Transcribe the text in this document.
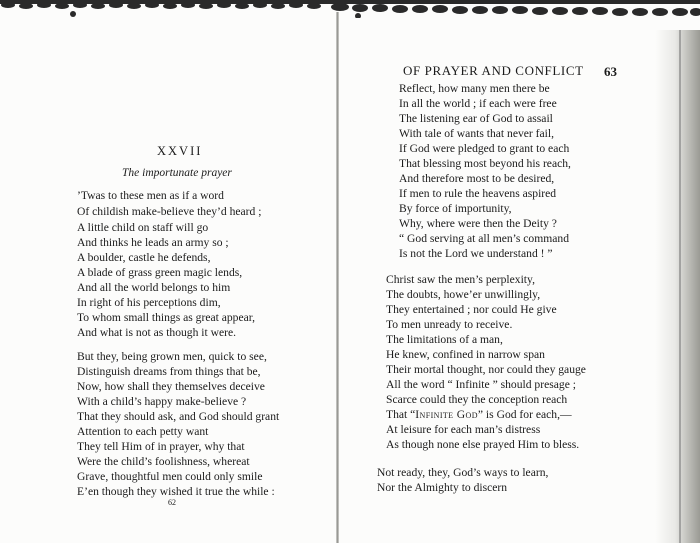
XXVII
The importunate prayer
’Twas to these men as if a word
Of childish make-believe they’d heard ;
A little child on staff will go
And thinks he leads an army so ;
A boulder, castle he defends,
A blade of grass green magic lends,
And all the world belongs to him
In right of his perceptions dim,
To whom small things as great appear,
And what is not as though it were.
But they, being grown men, quick to see,
Distinguish dreams from things that be,
Now, how shall they themselves deceive
With a child’s happy make-believe ?
That they should ask, and God should grant
Attention to each petty want
They tell Him of in prayer, why that
Were the child’s foolishness, whereat
Grave, thoughtful men could only smile
E’en though they wished it true the while :
62
OF PRAYER AND CONFLICT 63
Reflect, how many men there be
In all the world ; if each were free
The listening ear of God to assail
With tale of wants that never fail,
If God were pledged to grant to each
That blessing most beyond his reach,
And therefore most to be desired,
If men to rule the heavens aspired
By force of importunity,
Why, where were then the Deity ?
“ God serving at all men’s command
Is not the Lord we understand ! ”
Christ saw the men’s perplexity,
The doubts, howe’er unwillingly,
They entertained ; nor could He give
To men unready to receive.
The limitations of a man,
He knew, confined in narrow span
Their mortal thought, nor could they gauge
All the word “ Infinite ” should presage ;
Scarce could they the conception reach
That “Infinite God” is God for each,—
At leisure for each man’s distress
As though none else prayed Him to bless.
Not ready, they, God’s ways to learn,
Nor the Almighty to discern
